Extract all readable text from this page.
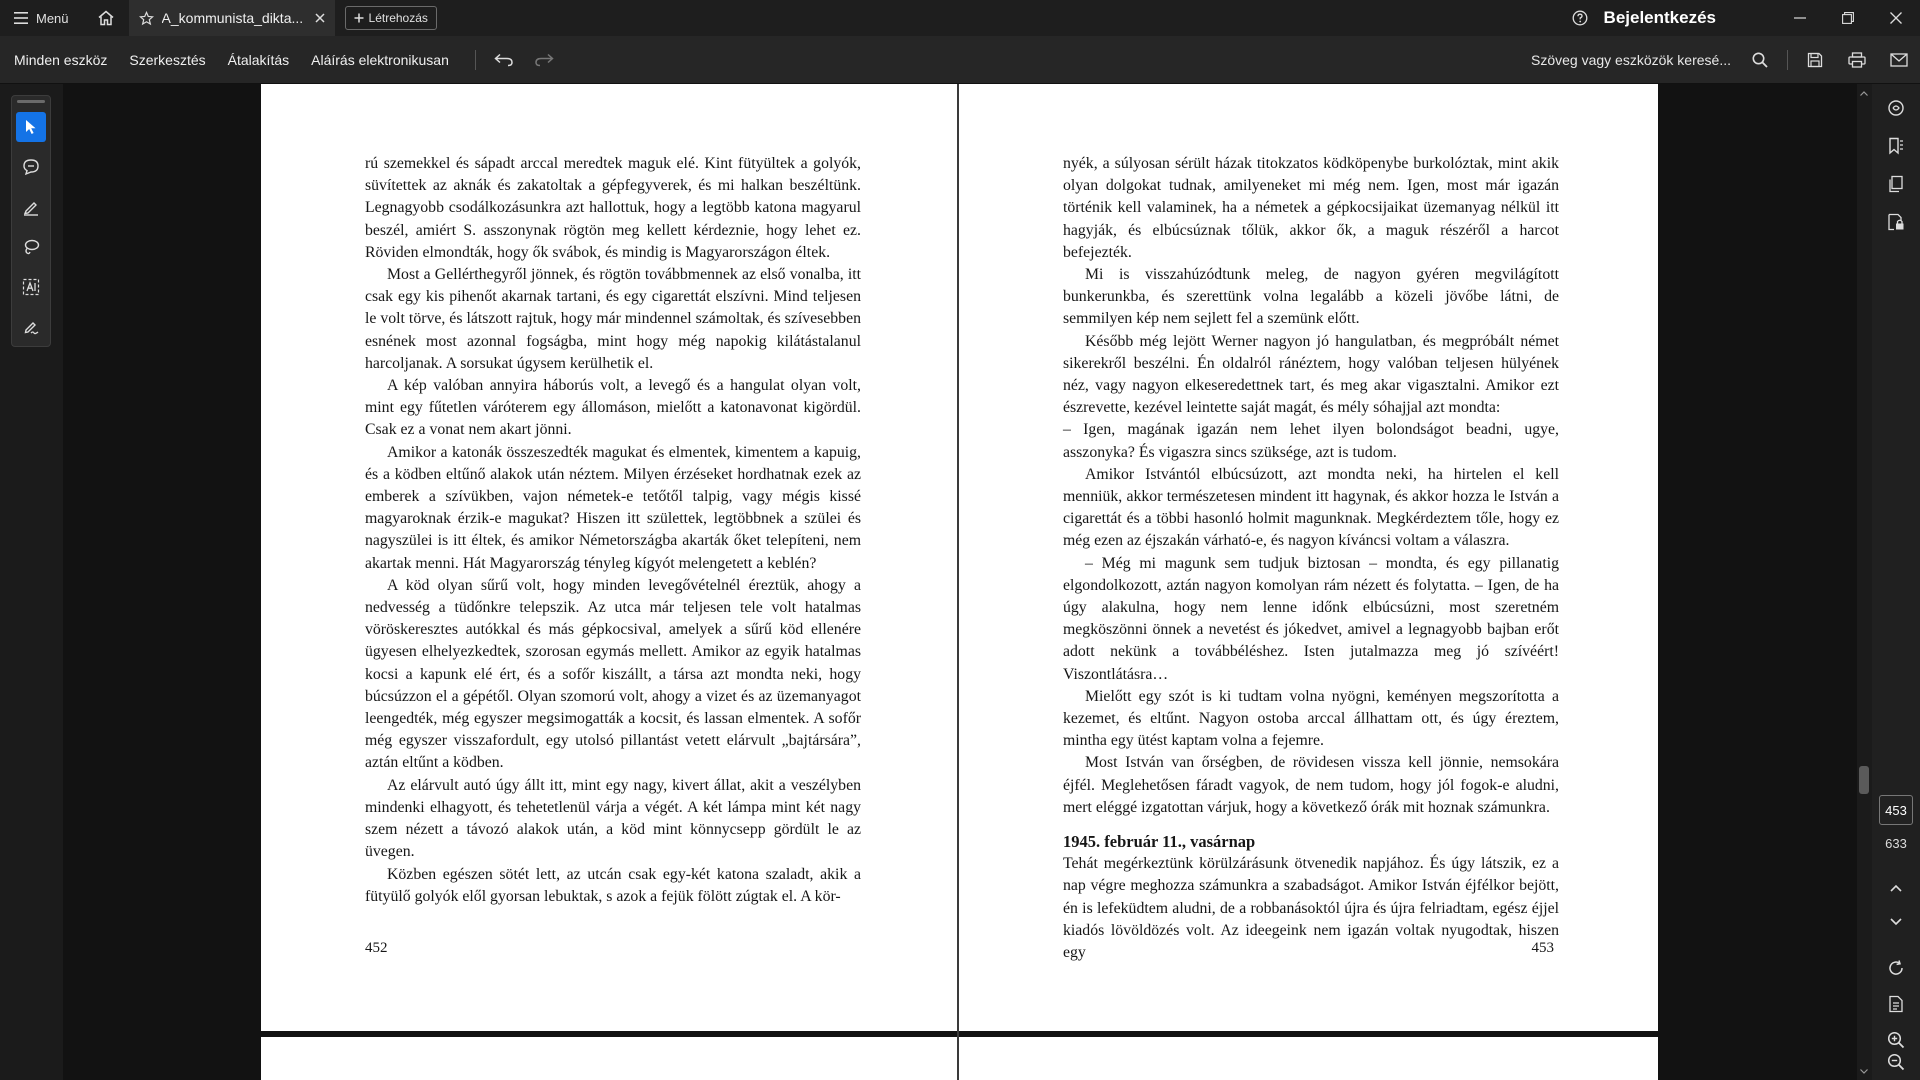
Menü	A_kommunista_dikta...	Létrehozás	Bejelentkezés
Minden eszköz	Szerkesztés	Átalakítás	Aláírás elektronikusan	Szöveg vagy eszközök keresé...

rú szemekkel és sápadt arccal meredtek maguk elé. Kint fütyültek a golyók, süvítettek az aknák és zakatoltak a gépfegyverek, és mi halkan beszéltünk. Legnagyobb csodálkozásunkra azt hallottuk, hogy a legtöbb katona magyarul beszél, amiért S. asszonynak rögtön meg kellett kérdeznie, hogy lehet ez. Röviden elmondták, hogy ők svábok, és mindig is Magyarországon éltek.

Most a Gellérthegyről jönnek, és rögtön továbbmennek az első vonalba, itt csak egy kis pihenőt akarnak tartani, és egy cigarettát elszívni. Mind teljesen le volt törve, és látszott rajtuk, hogy már mindennel számoltak, és szívesebben esnének most azonnal fogságba, mint hogy még napokig kilátástalanul harcoljanak. A sorsukat úgysem kerülhetik el.

A kép valóban annyira háborús volt, a levegő és a hangulat olyan volt, mint egy fűtetlen váróterem egy állomáson, mielőtt a katonavonat kigördül. Csak ez a vonat nem akart jönni.

Amikor a katonák összeszedték magukat és elmentek, kimentem a kapuig, és a ködben eltűnő alakok után néztem. Milyen érzéseket hordhatnak ezek az emberek a szívükben, vajon németek-e tetőtől talpig, vagy mégis kissé magyaroknak érzik-e magukat? Hiszen itt születtek, legtöbbnek a szülei és nagyszülei is itt éltek, és amikor Németországba akarták őket telepíteni, nem akartak menni. Hát Magyarország tényleg kígyót melengetett a keblén?

A köd olyan sűrű volt, hogy minden levegővételnél éreztük, ahogy a nedvesség a tüdőnkre telepszik. Az utca már teljesen tele volt hatalmas vöröskeresztes autókkal és más gépkocsival, amelyek a sűrű köd ellenére ügyesen elhelyezkedtek, szorosan egymás mellett. Amikor az egyik hatalmas kocsi a kapunk elé ért, és a sofőr kiszállt, a társa azt mondta neki, hogy búcsúzzon el a gépétől. Olyan szomorú volt, ahogy a vizet és az üzemanyagot leengedték, még egyszer megsimogatták a kocsit, és lassan elmentek. A sofőr még egyszer visszafordult, egy utolsó pillantást vetett elárvult „bajtársára”, aztán eltűnt a ködben.

Az elárvult autó úgy állt itt, mint egy nagy, kivert állat, akit a veszélyben mindenki elhagyott, és tehetetlenül várja a végét. A két lámpa mint két nagy szem nézett a távozó alakok után, a köd mint könnycsepp gördült le az üvegen.

Közben egészen sötét lett, az utcán csak egy-két katona szaladt, akik a fütyülő golyók elől gyorsan lebuktak, s azok a fejük fölött zúgtak el. A kör-

452

nyék, a súlyosan sérült házak titokzatos ködköpenybe burkolóztak, mint akik olyan dolgokat tudnak, amilyeneket mi még nem. Igen, most már igazán történik kell valaminek, ha a németek a gépkocsijaikat üzemanyag nélkül itt hagyják, és elbúcsúznak tőlük, akkor ők, a maguk részéről a harcot befejezték.

Mi is visszahúzódtunk meleg, de nagyon gyéren megvilágított bunkerunkba, és szerettünk volna legalább a közeli jövőbe látni, de semmilyen kép nem sejlett fel a szemünk előtt.

Később még lejött Werner nagyon jó hangulatban, és megpróbált német sikerekről beszélni. Én oldalról ránéztem, hogy valóban teljesen hülyének néz, vagy nagyon elkeseredettnek tart, és meg akar vigasztalni. Amikor ezt észrevette, kezével leintette saját magát, és mély sóhajjal azt mondta:

– Igen, magának igazán nem lehet ilyen bolondságot beadni, ugye, asszonyka? És vigaszra sincs szüksége, azt is tudom.

Amikor Istvántól elbúcsúzott, azt mondta neki, ha hirtelen el kell menniük, akkor természetesen mindent itt hagynak, és akkor hozza le István a cigarettát és a többi hasonló holmit magunknak. Megkérdeztem tőle, hogy ez még ezen az éjszakán várható-e, és nagyon kíváncsi voltam a válaszra.

– Még mi magunk sem tudjuk biztosan – mondta, és egy pillanatig elgondolkozott, aztán nagyon komolyan rám nézett és folytatta. – Igen, de ha úgy alakulna, hogy nem lenne időnk elbúcsúzni, most szeretném megköszönni önnek a nevetést és jókedvet, amivel a legnagyobb bajban erőt adott nekünk a továbbéléshez. Isten jutalmazza meg jó szívéért! Viszontlátásra…

Mielőtt egy szót is ki tudtam volna nyögni, keményen megszorította a kezemet, és eltűnt. Nagyon ostoba arccal állhattam ott, és úgy éreztem, mintha egy ütést kaptam volna a fejemre.

Most István van őrségben, de rövidesen vissza kell jönnie, nemsokára éjfél. Meglehetősen fáradt vagyok, de nem tudom, hogy jól fogok-e aludni, mert eléggé izgatottan várjuk, hogy a következő órák mit hoznak számunkra.

1945. február 11., vasárnap

Tehát megérkeztünk körülzárásunk ötvenedik napjához. És úgy látszik, ez a nap végre meghozza számunkra a szabadságot. Amikor István éjfélkor bejött, én is lefeküdtem aludni, de a robbanásoktól újra és újra felriadtam, egész éjjel kiadós lövöldözés volt. Az ideegeink nem igazán voltak nyugodtak, hiszen egy	453
453
633
